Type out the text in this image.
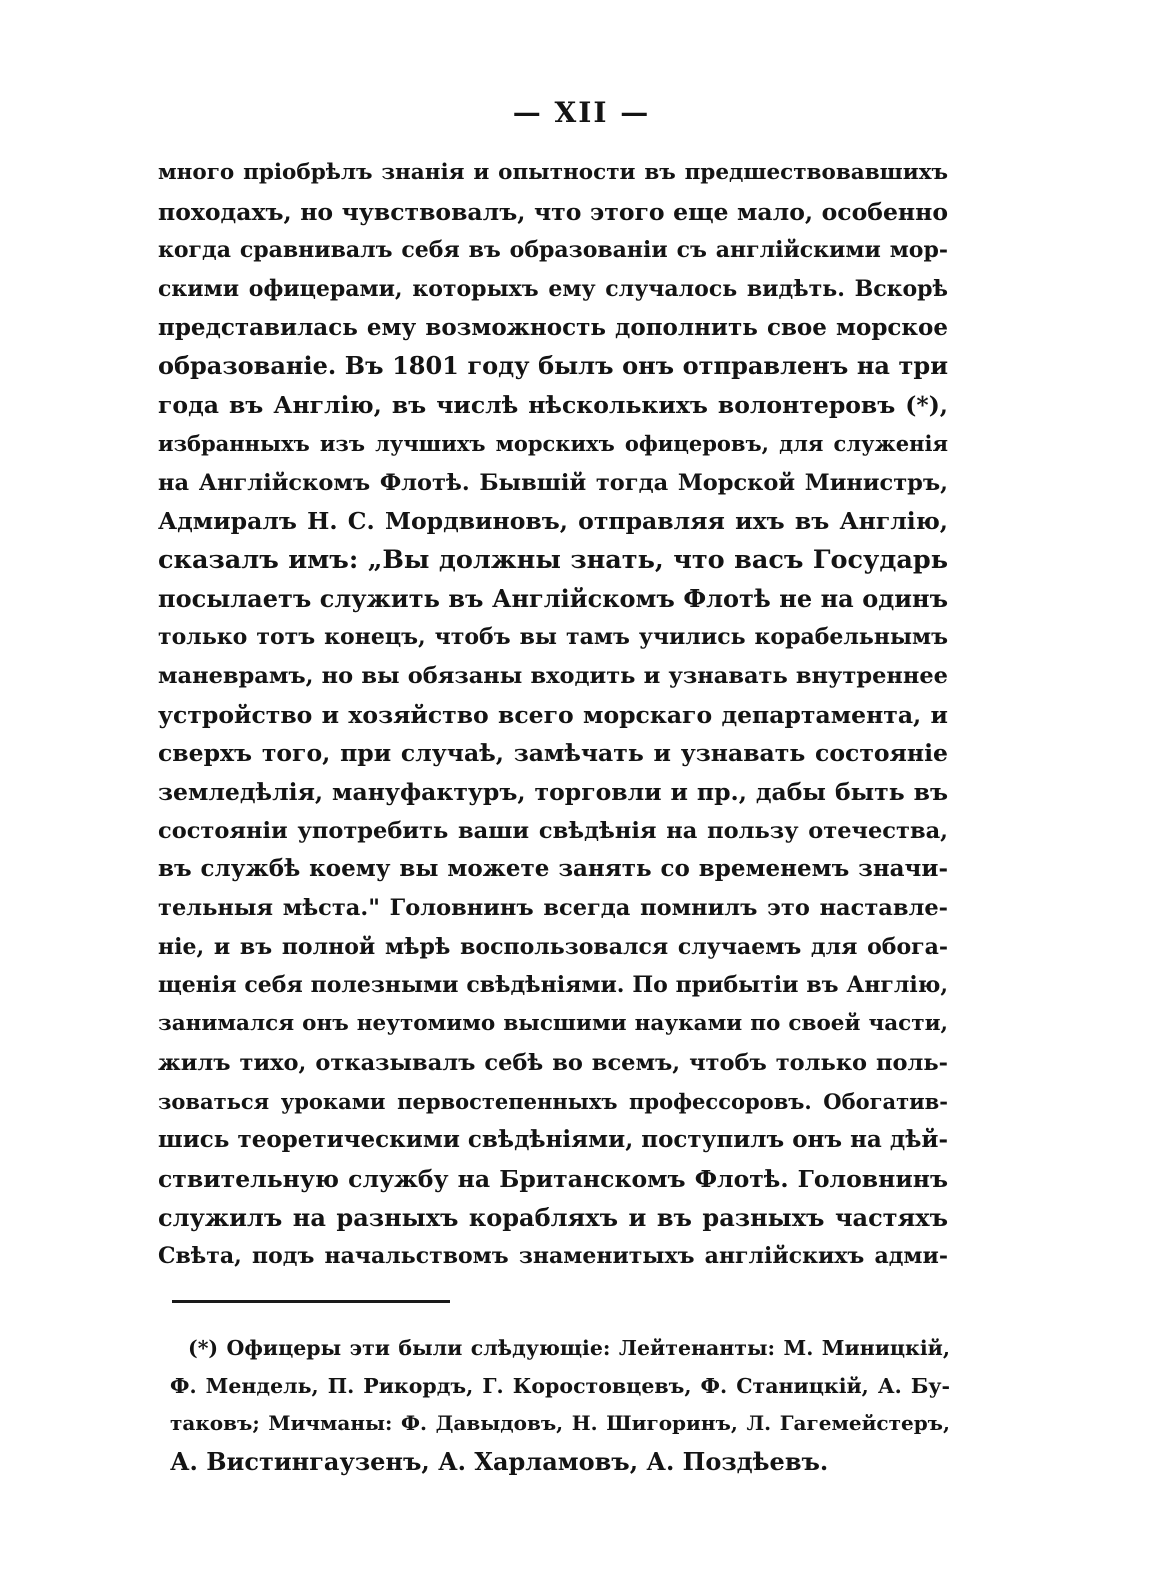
— XII —
много пріобрѣлъ знанія и опытности въ предшествовавшихъ
походахъ, но чувствовалъ, что этого еще мало, особенно
когда сравнивалъ себя въ образованіи съ англійскими мор-
скими офицерами, которыхъ ему случалось видѣть. Вскорѣ
представилась ему возможность дополнить свое морское
образованіе. Въ 1801 году былъ онъ отправленъ на три
года въ Англію, въ числѣ нѣсколькихъ волонтеровъ (*),
избранныхъ изъ лучшихъ морскихъ офицеровъ, для служенія
на Англійскомъ Флотѣ. Бывшій тогда Морской Министръ,
Адмиралъ Н. С. Мордвиновъ, отправляя ихъ въ Англію,
сказалъ имъ: „Вы должны знать, что васъ Государь
посылаетъ служить въ Англійскомъ Флотѣ не на одинъ
только тотъ конецъ, чтобъ вы тамъ учились корабельнымъ
маневрамъ, но вы обязаны входить и узнавать внутреннее
устройство и хозяйство всего морскаго департамента, и
сверхъ того, при случаѣ, замѣчать и узнавать состояніе
земледѣлія, мануфактуръ, торговли и пр., дабы быть въ
состояніи употребить ваши свѣдѣнія на пользу отечества,
въ службѣ коему вы можете занять со временемъ значи-
тельныя мѣста." Головнинъ всегда помнилъ это наставле-
ніе, и въ полной мѣрѣ воспользовался случаемъ для обога-
щенія себя полезными свѣдѣніями. По прибытіи въ Англію,
занимался онъ неутомимо высшими науками по своей части,
жилъ тихо, отказывалъ себѣ во всемъ, чтобъ только поль-
зоваться уроками первостепенныхъ профессоровъ. Обогатив-
шись теоретическими свѣдѣніями, поступилъ онъ на дѣй-
ствительную службу на Британскомъ Флотѣ. Головнинъ
служилъ на разныхъ корабляхъ и въ разныхъ частяхъ
Свѣта, подъ начальствомъ знаменитыхъ англійскихъ адми-
(*) Офицеры эти были слѣдующіе: Лейтенанты: М. Миницкій,
Ф. Мендель, П. Рикордъ, Г. Коростовцевъ, Ф. Станицкій, А. Бу-
таковъ; Мичманы: Ф. Давыдовъ, Н. Шигоринъ, Л. Гагемейстеръ,
А. Вистингаузенъ, А. Харламовъ, А. Поздѣевъ.
